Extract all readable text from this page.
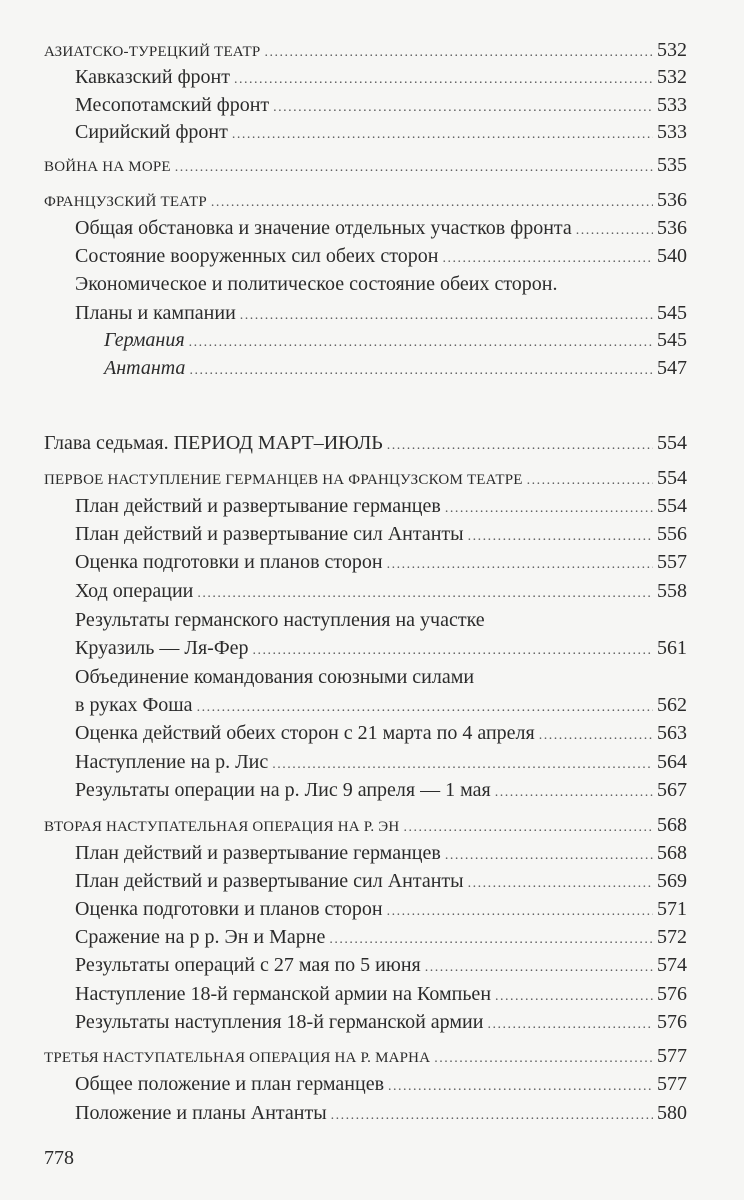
АЗИАТСКО-ТУРЕЦКИЙ ТЕАТР .....	532
Кавказский фронт .....	532
Месопотамский фронт .....	533
Сирийский фронт .....	533
ВОЙНА НА МОРЕ .....	535
ФРАНЦУЗСКИЙ ТЕАТР .....	536
Общая обстановка и значение отдельных участков фронта .....	536
Состояние вооруженных сил обеих сторон .....	540
Экономическое и политическое состояние обеих сторон.
Планы и кампании .....	545
Германия .....	545
Антанта .....	547
Глава седьмая. ПЕРИОД МАРТ–ИЮЛЬ .....	554
ПЕРВОЕ НАСТУПЛЕНИЕ ГЕРМАНЦЕВ НА ФРАНЦУЗСКОМ ТЕАТРЕ .....	554
План действий и развертывание германцев .....	554
План действий и развертывание сил Антанты .....	556
Оценка подготовки и планов сторон .....	557
Ход операции .....	558
Результаты германского наступления на участке
Круазиль — Ля-Фер .....	561
Объединение командования союзными силами
в руках Фоша .....	562
Оценка действий обеих сторон с 21 марта по 4 апреля .....	563
Наступление на р. Лис .....	564
Результаты операции на р. Лис 9 апреля — 1 мая .....	567
ВТОРАЯ НАСТУПАТЕЛЬНАЯ ОПЕРАЦИЯ НА Р. ЭН .....	568
План действий и развертывание германцев .....	568
План действий и развертывание сил Антанты .....	569
Оценка подготовки и планов сторон .....	571
Сражение на р р. Эн и Марне .....	572
Результаты операций с 27 мая по 5 июня .....	574
Наступление 18-й германской армии на Компьен .....	576
Результаты наступления 18-й германской армии .....	576
ТРЕТЬЯ НАСТУПАТЕЛЬНАЯ ОПЕРАЦИЯ НА Р. МАРНА .....	577
Общее положение и план германцев .....	577
Положение и планы Антанты .....	580
778
